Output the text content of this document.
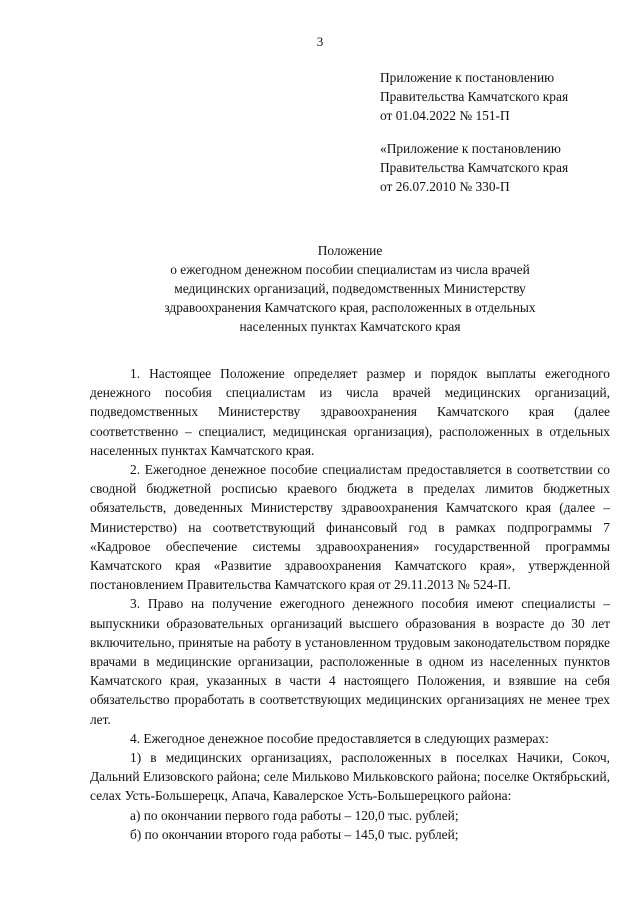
3
Приложение к постановлению
Правительства Камчатского края
от 01.04.2022 № 151-П
«Приложение к постановлению
Правительства Камчатского края
от 26.07.2010 № 330-П
Положение
о ежегодном денежном пособии специалистам из числа врачей
медицинских организаций, подведомственных Министерству
здравоохранения Камчатского края, расположенных в отдельных
населенных пунктах Камчатского края

1. Настоящее Положение определяет размер и порядок выплаты ежегодного денежного пособия специалистам из числа врачей медицинских организаций, подведомственных Министерству здравоохранения Камчатского края (далее соответственно – специалист, медицинская организация), расположенных в отдельных населенных пунктах Камчатского края.

2. Ежегодное денежное пособие специалистам предоставляется в соответствии со сводной бюджетной росписью краевого бюджета в пределах лимитов бюджетных обязательств, доведенных Министерству здравоохранения Камчатского края (далее – Министерство) на соответствующий финансовый год в рамках подпрограммы 7 «Кадровое обеспечение системы здравоохранения» государственной программы Камчатского края «Развитие здравоохранения Камчатского края», утвержденной постановлением Правительства Камчатского края от 29.11.2013 № 524-П.

3. Право на получение ежегодного денежного пособия имеют специалисты – выпускники образовательных организаций высшего образования в возрасте до 30 лет включительно, принятые на работу в установленном трудовым законодательством порядке врачами в медицинские организации, расположенные в одном из населенных пунктов Камчатского края, указанных в части 4 настоящего Положения, и взявшие на себя обязательство проработать в соответствующих медицинских организациях не менее трех лет.

4. Ежегодное денежное пособие предоставляется в следующих размерах:

1) в медицинских организациях, расположенных в поселках Начики, Сокоч, Дальний Елизовского района; селе Мильково Мильковского района; поселке Октябрьский, селах Усть-Большерецк, Апача, Кавалерское Усть-Большерецкого района:

а) по окончании первого года работы – 120,0 тыс. рублей;

б) по окончании второго года работы – 145,0 тыс. рублей;
